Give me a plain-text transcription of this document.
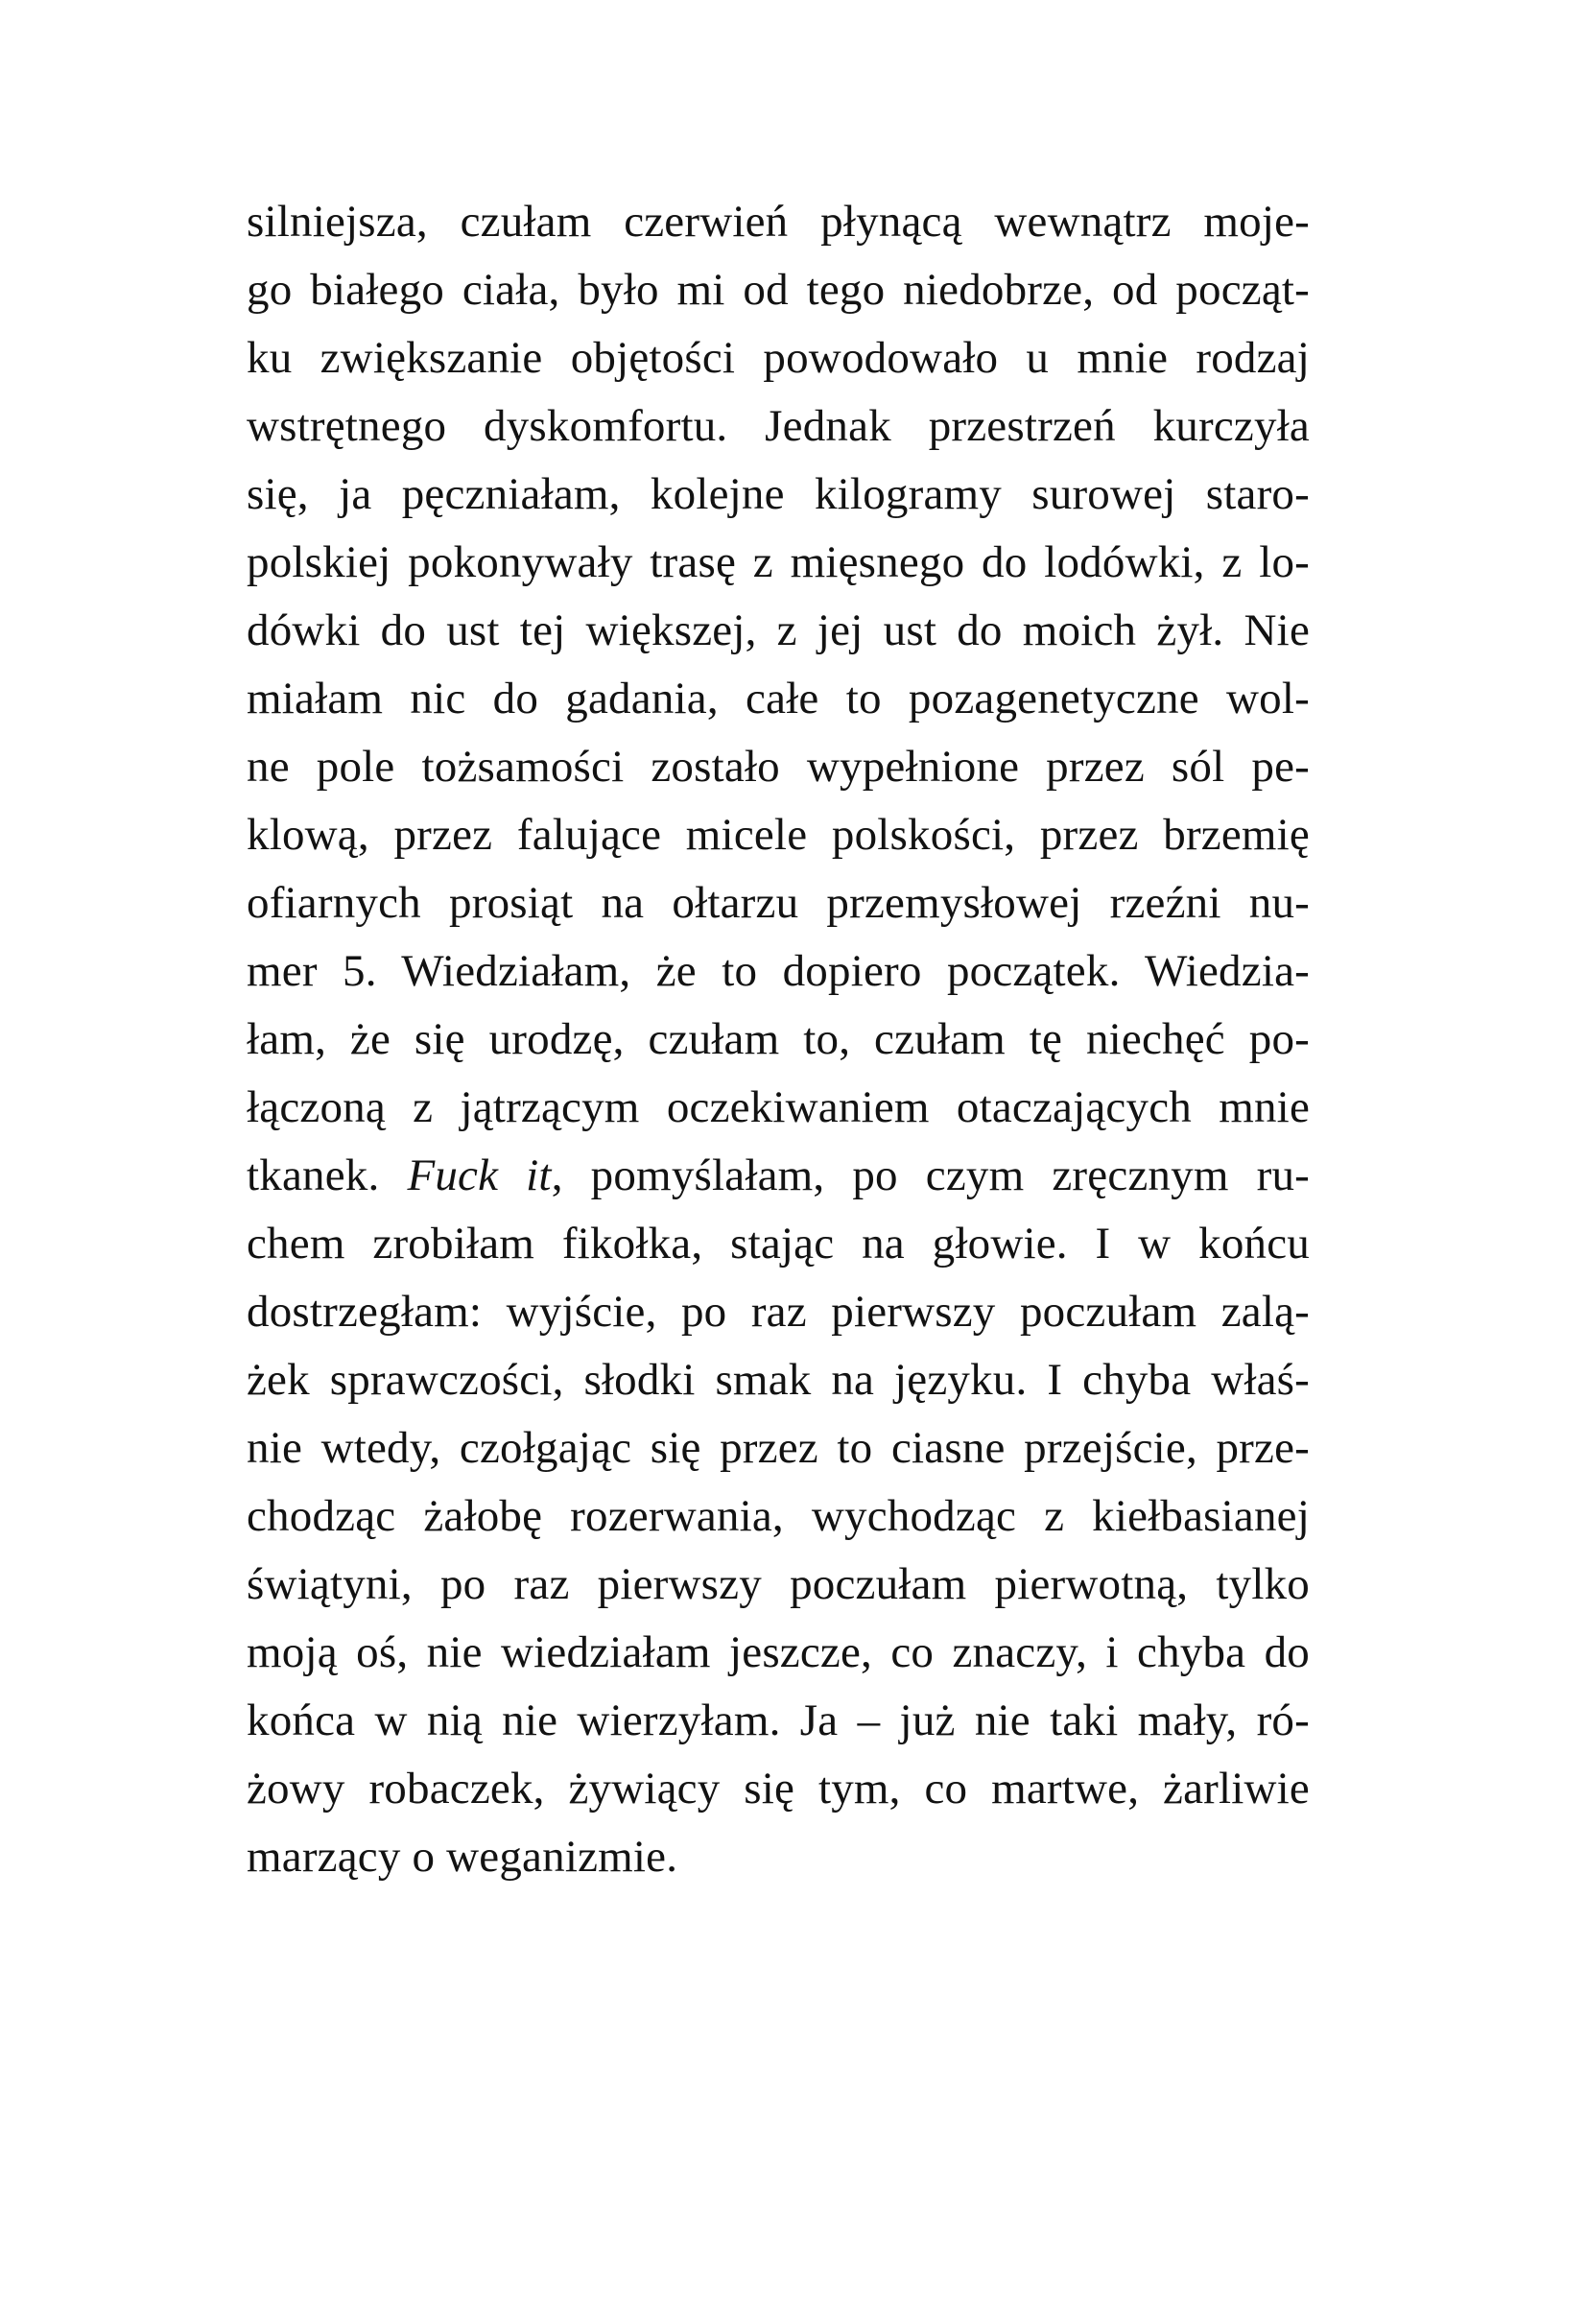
silniejsza, czułam czerwień płynącą wewnątrz moje-
go białego ciała, było mi od tego niedobrze, od począt-
ku zwiększanie objętości powodowało u mnie rodzaj
wstrętnego dyskomfortu. Jednak przestrzeń kurczyła
się, ja pęczniałam, kolejne kilogramy surowej staro-
polskiej pokonywały trasę z mięsnego do lodówki, z lo-
dówki do ust tej większej, z jej ust do moich żył. Nie
miałam nic do gadania, całe to pozagenetyczne wol-
ne pole tożsamości zostało wypełnione przez sól pe-
klową, przez falujące micele polskości, przez brzemię
ofiarnych prosiąt na ołtarzu przemysłowej rzeźni nu-
mer 5. Wiedziałam, że to dopiero początek. Wiedzia-
łam, że się urodzę, czułam to, czułam tę niechęć po-
łączoną z jątrzącym oczekiwaniem otaczających mnie
tkanek. Fuck it, pomyślałam, po czym zręcznym ru-
chem zrobiłam fikołka, stając na głowie. I w końcu
dostrzegłam: wyjście, po raz pierwszy poczułam zalą-
żek sprawczości, słodki smak na języku. I chyba właś-
nie wtedy, czołgając się przez to ciasne przejście, prze-
chodząc żałobę rozerwania, wychodząc z kiełbasianej
świątyni, po raz pierwszy poczułam pierwotną, tylko
moją oś, nie wiedziałam jeszcze, co znaczy, i chyba do
końca w nią nie wierzyłam. Ja – już nie taki mały, ró-
żowy robaczek, żywiący się tym, co martwe, żarliwie
marzący o weganizmie.
